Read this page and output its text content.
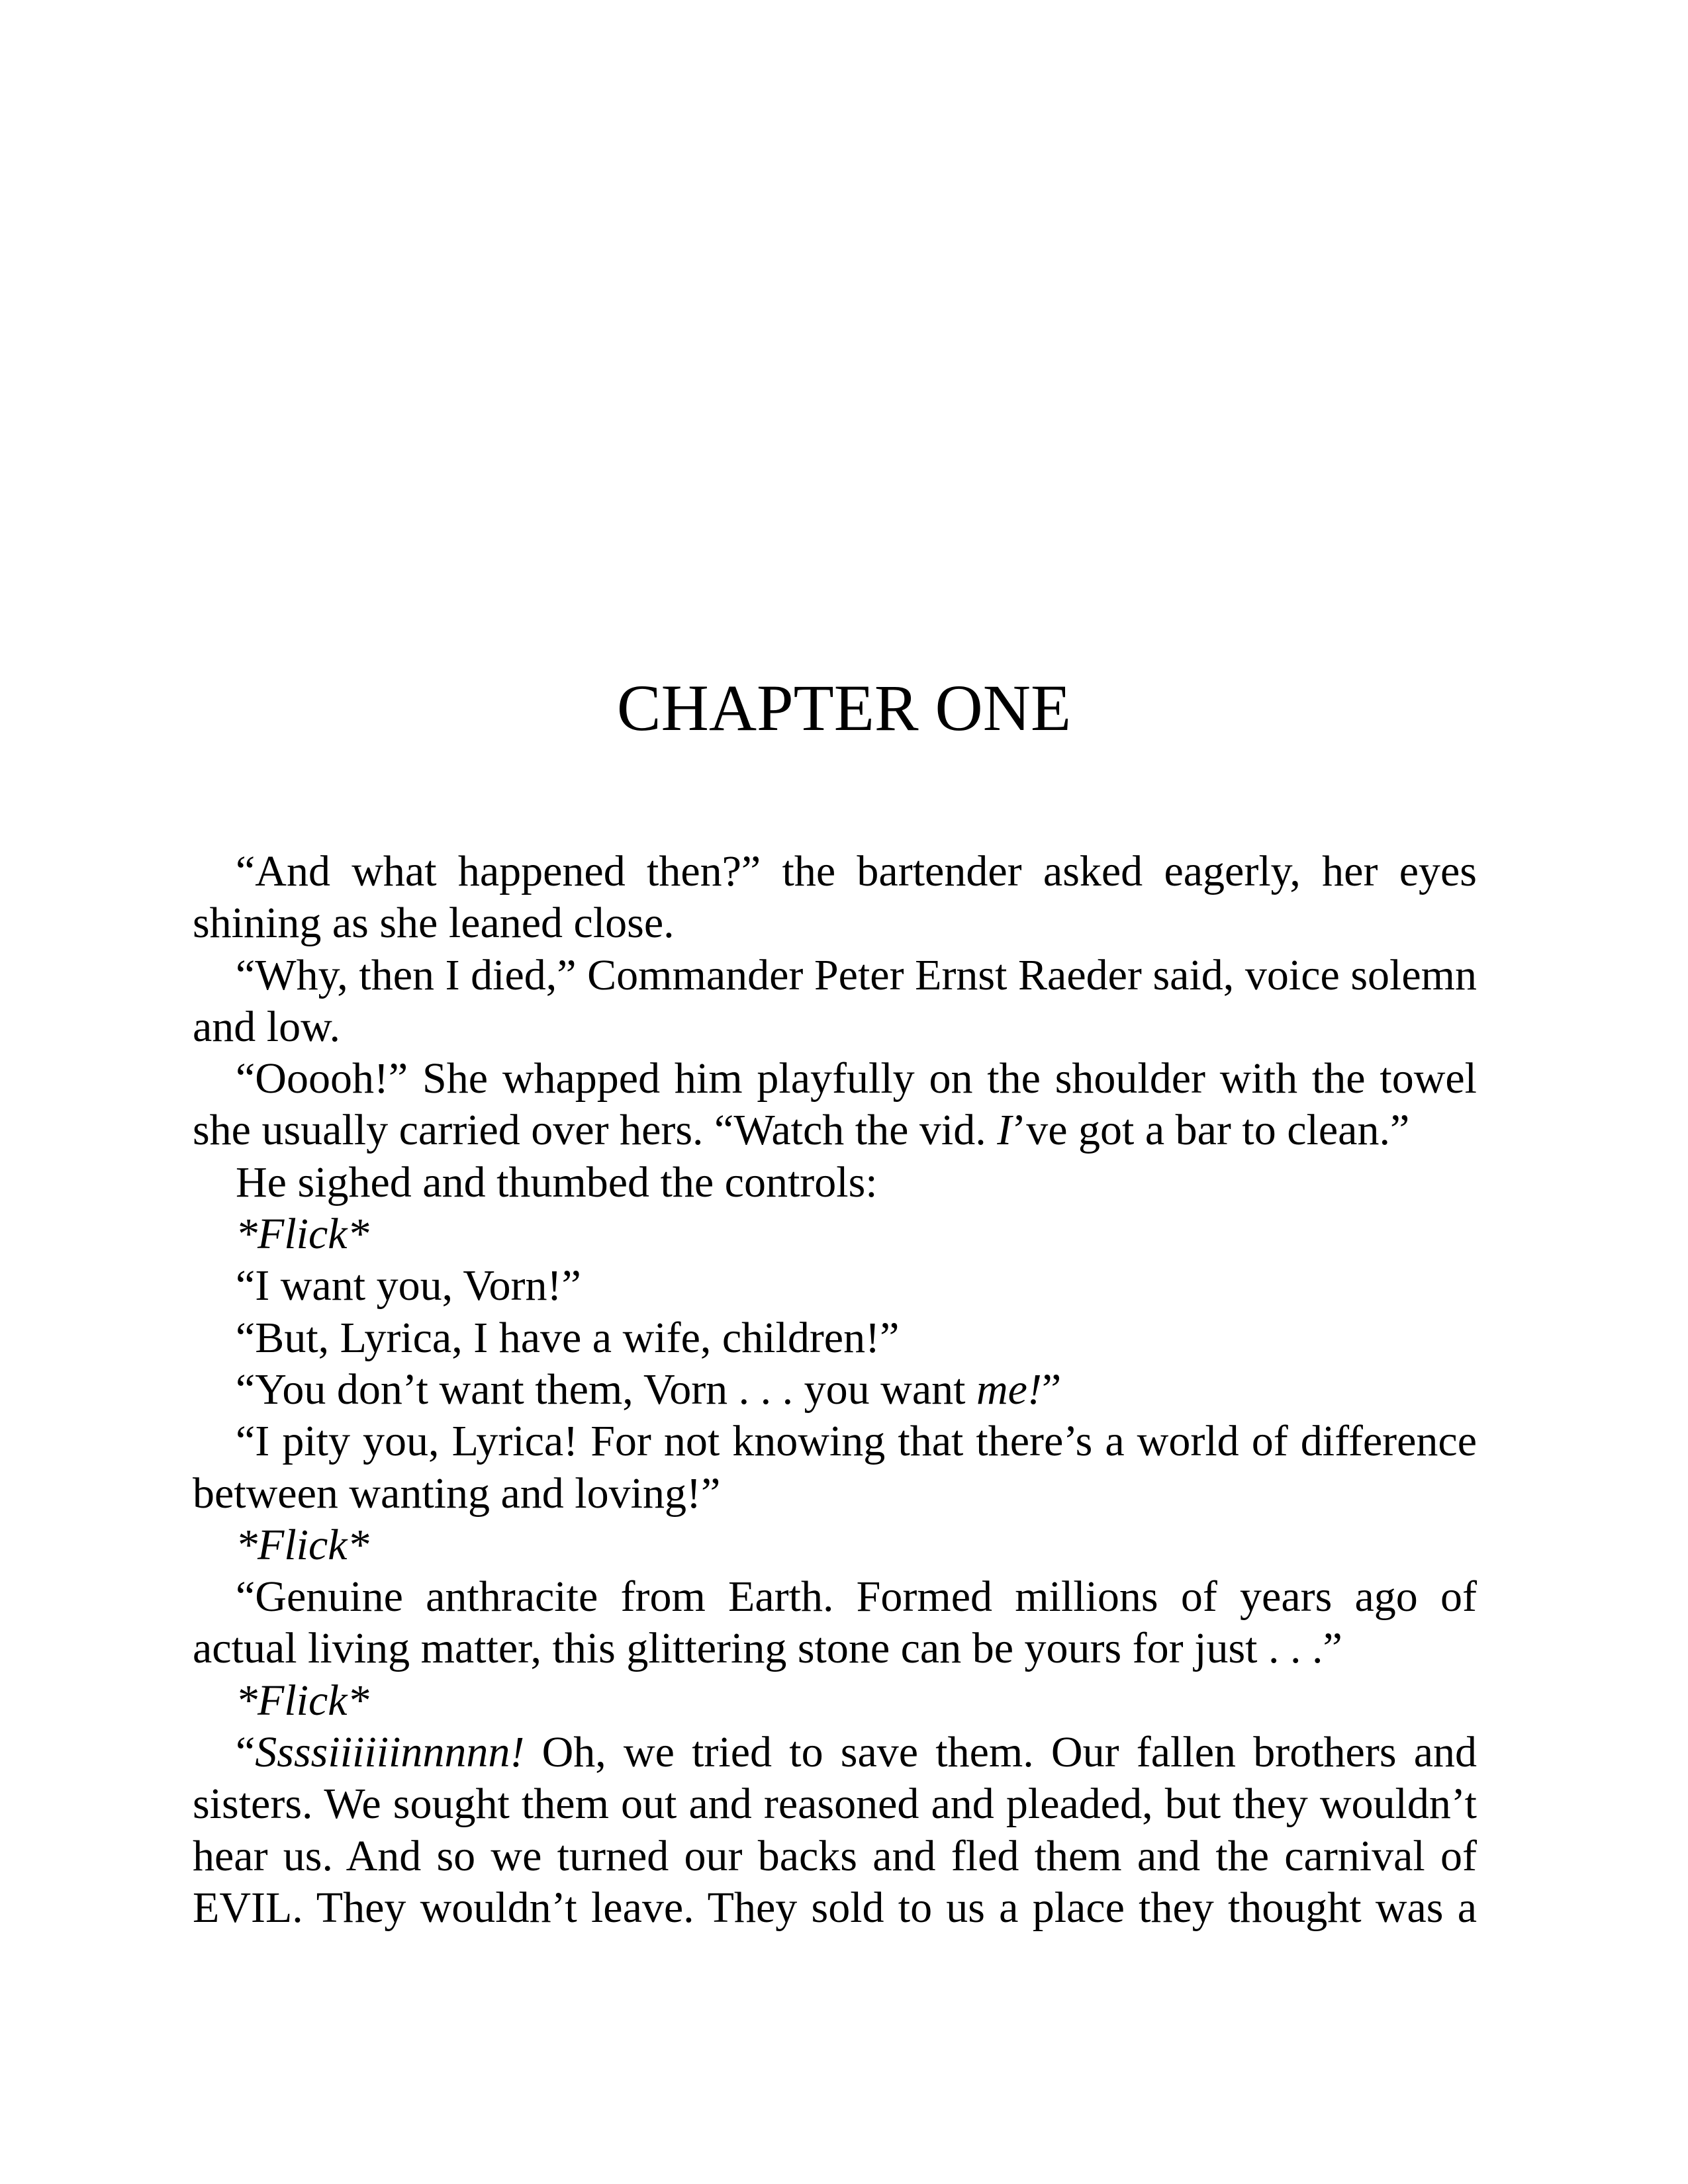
CHAPTER ONE

“And what happened then?” the bartender asked eagerly, her eyes shining as she leaned close.

“Why, then I died,” Commander Peter Ernst Raeder said, voice solemn and low.

“Ooooh!” She whapped him playfully on the shoulder with the towel she usually carried over hers. “Watch the vid. I’ve got a bar to clean.”

He sighed and thumbed the controls:

*Flick*

“I want you, Vorn!”

“But, Lyrica, I have a wife, children!”

“You don’t want them, Vorn . . . you want me!”

“I pity you, Lyrica! For not knowing that there’s a world of difference between wanting and loving!”

*Flick*

“Genuine anthracite from Earth. Formed millions of years ago of actual living matter, this glittering stone can be yours for just . . .”

*Flick*

“Ssssiiiiiinnnnn! Oh, we tried to save them. Our fallen brothers and sisters. We sought them out and reasoned and pleaded, but they wouldn’t hear us. And so we turned our backs and fled them and the carnival of EVIL. They wouldn’t leave. They sold to us a place they thought was a
